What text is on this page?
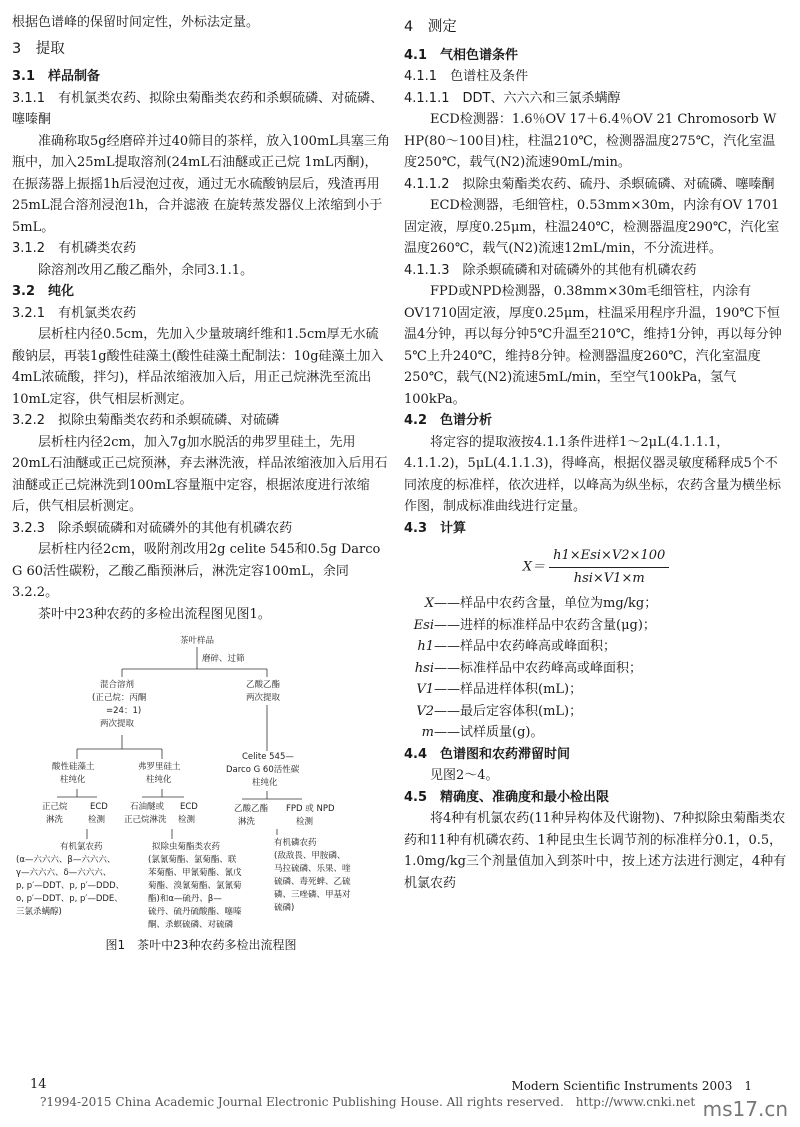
根据色谱峰的保留时间定性，外标法定量。

3　提取

3.1　样品制备

3.1.1　有机氯类农药、拟除虫菊酯类农药和杀螟硫磷、对硫磷、噻嗪酮

准确称取5g经磨碎并过40筛目的茶样，放入100mL具塞三角瓶中，加入25mL提取溶剂(24mL石油醚或正己烷 1mL丙酮)，在振荡器上振摇1h后浸泡过夜，通过无水硫酸钠层后，残渣再用25mL混合溶剂浸泡1h，合并滤液 在旋转蒸发器仪上浓缩到小于5mL。

3.1.2　有机磷类农药

除溶剂改用乙酸乙酯外，余同3.1.1。

3.2　纯化

3.2.1　有机氯类农药

层析柱内径0.5cm，先加入少量玻璃纤维和1.5cm厚无水硫酸钠层，再装1g酸性硅藻土(酸性硅藻土配制法：10g硅藻土加入4mL浓硫酸，拌匀)，样品浓缩液加入后，用正己烷淋洗至流出10mL定容，供气相层析测定。

3.2.2　拟除虫菊酯类农药和杀螟硫磷、对硫磷

层析柱内径2cm，加入7g加水脱活的弗罗里硅土，先用20mL石油醚或正己烷预淋，弃去淋洗液，样品浓缩液加入后用石油醚或正己烷淋洗到100mL容量瓶中定容，根据浓度进行浓缩后，供气相层析测定。

3.2.3　除杀螟硫磷和对硫磷外的其他有机磷农药

层析柱内径2cm，吸附剂改用2g celite 545和0.5g Darco G 60活性碳粉，乙酸乙酯预淋后，淋洗定容100mL，余同3.2.2。

茶叶中23种农药的多检出流程图见图1。

茶叶样品
磨碎、过筛
混合溶剂
(正己烷：丙酮
=24：1)
两次提取
乙酸乙酯
两次提取
酸性硅藻土
柱纯化
弗罗里硅土
柱纯化
Celite 545—
Darco G 60活性碳
柱纯化
正己烷
淋洗
ECD
检测
石油醚或
正己烷淋洗
ECD
检测
乙酸乙酯
淋洗
FPD 或 NPD
检测
有机氯农药
(α—六六六、β—六六六、
γ—六六六、δ—六六六、
p, p′—DDT、p, p′—DDD、
o, p′—DDT、p, p′—DDE、
三氯杀螨醇)
拟除虫菊酯类农药
(氯氰菊酯、氯菊酯、联
苯菊酯、甲氰菊酯、氰戊
菊酯、溴氰菊酯、氯氰菊
酯)和α—硫丹、β—
硫丹、硫丹硫酸酯、噻嗪
酮、杀螟硫磷、对硫磷
有机磷农药
(敌敌畏、甲胺磷、
马拉硫磷、乐果、喹
硫磷、毒死蜱、乙硫
磷、三唑磷、甲基对
硫磷)

图1　茶叶中23种农药多检出流程图

4　测定

4.1　气相色谱条件

4.1.1　色谱柱及条件

4.1.1.1　DDT、六六六和三氯杀螨醇

ECD检测器：1.6％OV 17＋6.4％OV 21 Chromosorb W HP(80～100目)柱，柱温210℃，检测器温度275℃，汽化室温度250℃，载气(N2)流速90mL/min。

4.1.1.2　拟除虫菊酯类农药、硫丹、杀螟硫磷、对硫磷、噻嗪酮

ECD检测器，毛细管柱，0.53mm×30m，内涂有OV 1701固定液，厚度0.25μm，柱温240℃，检测器温度290℃，汽化室温度260℃，载气(N2)流速12mL/min，不分流进样。

4.1.1.3　除杀螟硫磷和对硫磷外的其他有机磷农药

FPD或NPD检测器，0.38mm×30m毛细管柱，内涂有OV1710固定液，厚度0.25μm，柱温采用程序升温，190℃下恒温4分钟，再以每分钟5℃升温至210℃，维持1分钟，再以每分钟5℃上升240℃，维持8分钟。检测器温度260℃，汽化室温度250℃，载气(N2)流速5mL/min，至空气100kPa，氢气100kPa。

4.2　色谱分析

将定容的提取液按4.1.1条件进样1～2μL(4.1.1.1，4.1.1.2)，5μL(4.1.1.3)，得峰高，根据仪器灵敏度稀释成5个不同浓度的标准样，依次进样，以峰高为纵坐标，农药含量为横坐标作图，制成标准曲线进行定量。

4.3　计算

$X= \frac{\text{h1×Esi×V2×100}}{\text{hsi×V1×m}}$

X——样品中农药含量，单位为mg/kg；

Esi——进样的标准样品中农药含量(μg)；

h1——样品中农药峰高或峰面积；

hsi——标准样品中农药峰高或峰面积；

V1——样品进样体积(mL)；

V2——最后定容体积(mL)；

m——试样质量(g)。

4.4　色谱图和农药滞留时间

见图2～4。

4.5　精确度、准确度和最小检出限

将4种有机氯农药(11种异构体及代谢物)、7种拟除虫菊酯类农药和11种有机磷农药、1种昆虫生长调节剂的标准样分0.1，0.5，1.0mg/kg三个剂量值加入到茶叶中，按上述方法进行测定，4种有机氯农药

14	Modern Scientific Instruments 2003　1
?1994-2015 China Academic Journal Electronic Publishing House. All rights reserved.　http://www.cnki.net ms17.cn
